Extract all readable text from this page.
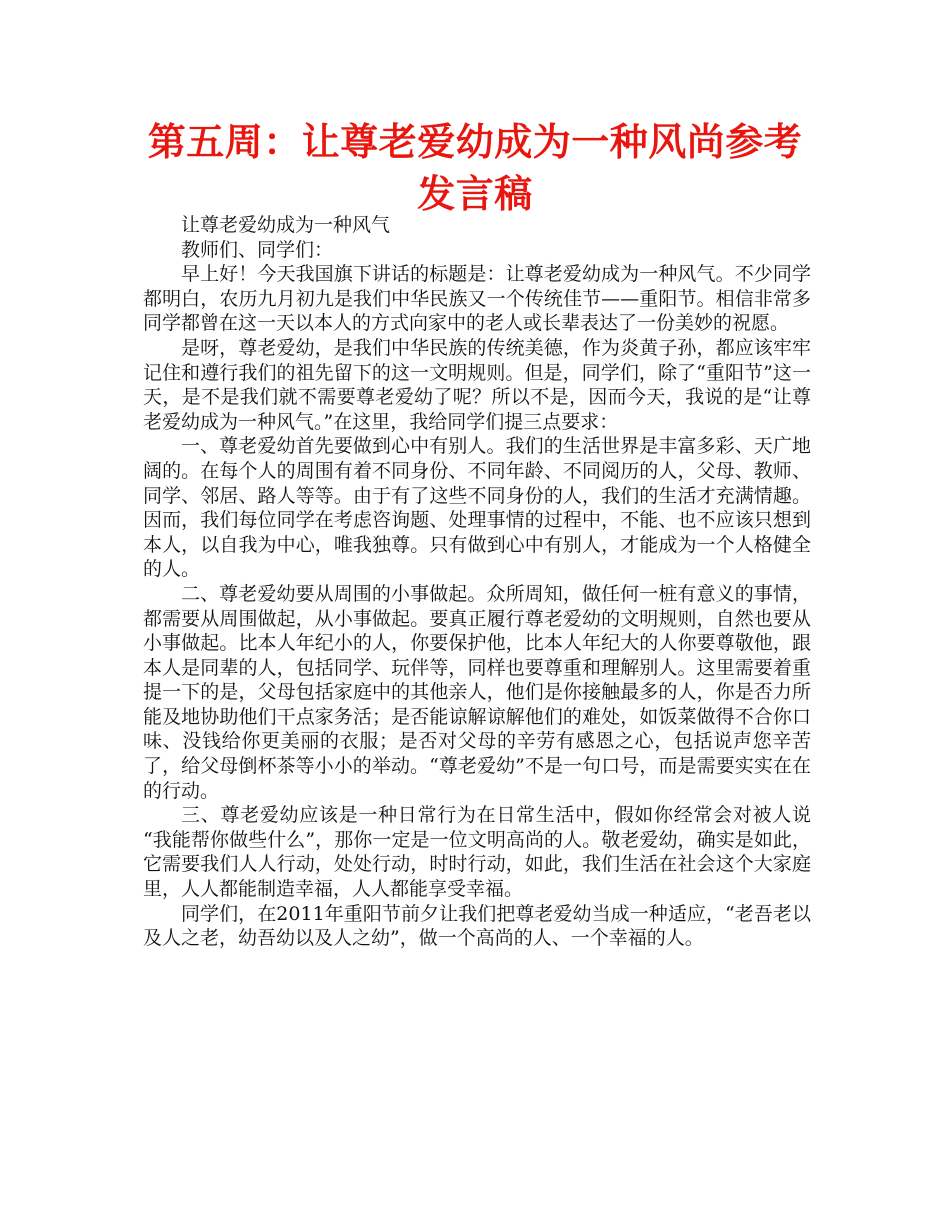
第五周：让尊老爱幼成为一种风尚参考发言稿

让尊老爱幼成为一种风气

教师们、同学们：

早上好！今天我国旗下讲话的标题是：让尊老爱幼成为一种风气。不少同学都明白，农历九月初九是我们中华民族又一个传统佳节——重阳节。相信非常多同学都曾在这一天以本人的方式向家中的老人或长辈表达了一份美妙的祝愿。

是呀，尊老爱幼，是我们中华民族的传统美德，作为炎黄子孙，都应该牢牢记住和遵行我们的祖先留下的这一文明规则。但是，同学们，除了“重阳节”这一天，是不是我们就不需要尊老爱幼了呢？所以不是，因而今天，我说的是“让尊老爱幼成为一种风气。”在这里，我给同学们提三点要求：

一、尊老爱幼首先要做到心中有别人。我们的生活世界是丰富多彩、天广地阔的。在每个人的周围有着不同身份、不同年龄、不同阅历的人，父母、教师、同学、邻居、路人等等。由于有了这些不同身份的人，我们的生活才充满情趣。因而，我们每位同学在考虑咨询题、处理事情的过程中，不能、也不应该只想到本人，以自我为中心，唯我独尊。只有做到心中有别人，才能成为一个人格健全的人。

二、尊老爱幼要从周围的小事做起。众所周知，做任何一桩有意义的事情，都需要从周围做起，从小事做起。要真正履行尊老爱幼的文明规则，自然也要从小事做起。比本人年纪小的人，你要保护他，比本人年纪大的人你要尊敬他，跟本人是同辈的人，包括同学、玩伴等，同样也要尊重和理解别人。这里需要着重提一下的是，父母包括家庭中的其他亲人，他们是你接触最多的人，你是否力所能及地协助他们干点家务活；是否能谅解谅解他们的难处，如饭菜做得不合你口味、没钱给你更美丽的衣服；是否对父母的辛劳有感恩之心，包括说声您辛苦了，给父母倒杯茶等小小的举动。“尊老爱幼”不是一句口号，而是需要实实在在的行动。

三、尊老爱幼应该是一种日常行为在日常生活中，假如你经常会对被人说 “我能帮你做些什么”，那你一定是一位文明高尚的人。敬老爱幼，确实是如此，它需要我们人人行动，处处行动，时时行动，如此，我们生活在社会这个大家庭里，人人都能制造幸福，人人都能享受幸福。

同学们，在2011年重阳节前夕让我们把尊老爱幼当成一种适应，“老吾老以及人之老，幼吾幼以及人之幼”，做一个高尚的人、一个幸福的人。
